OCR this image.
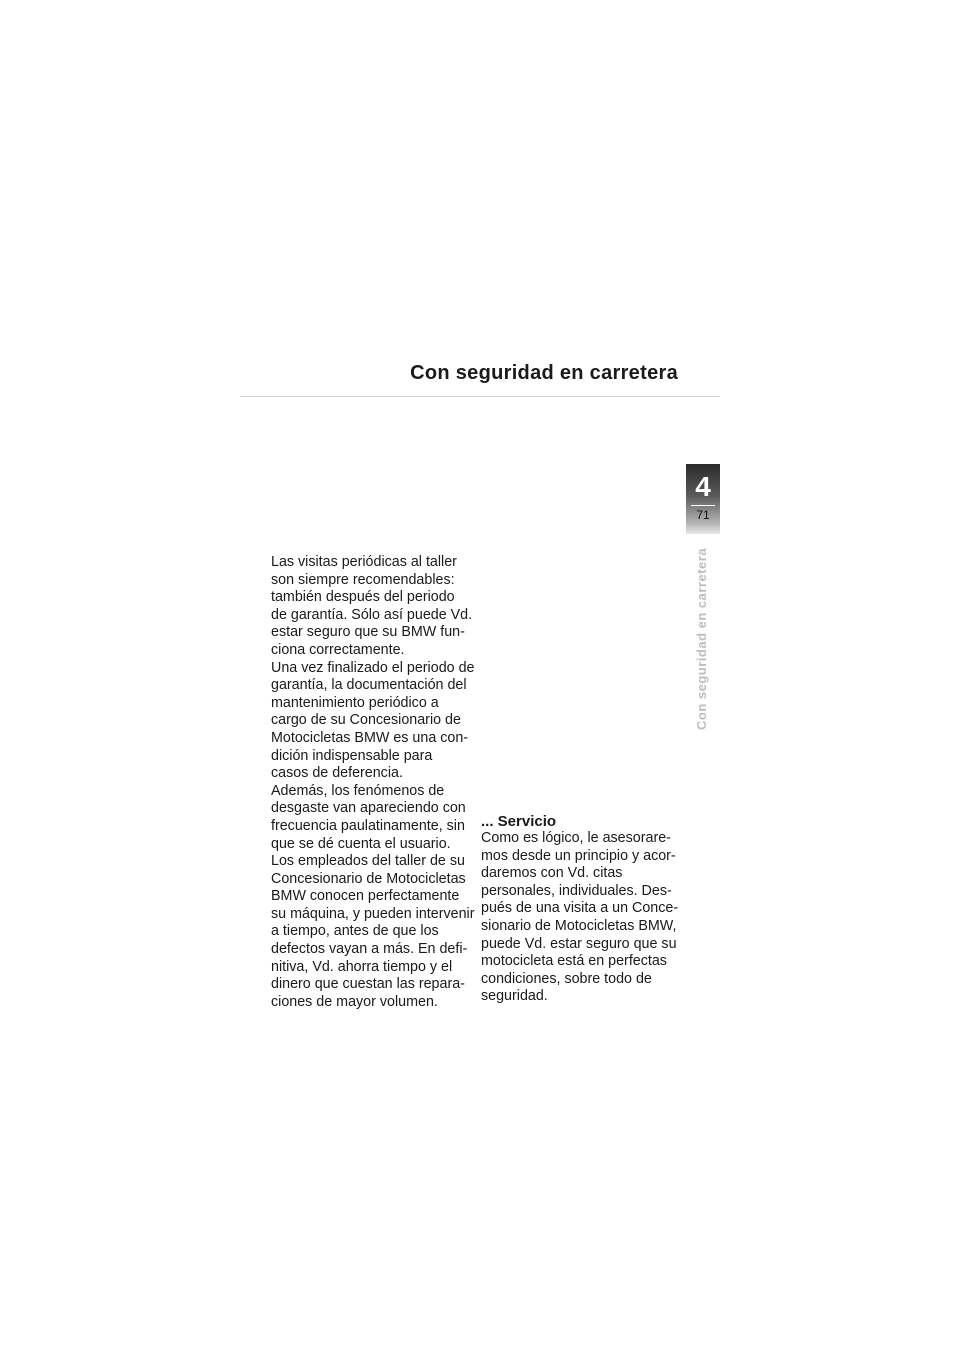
Con seguridad en carretera
4
71
Con seguridad en carretera
Las visitas periódicas al taller
son siempre recomendables:
también después del periodo
de garantía. Sólo así puede Vd.
estar seguro que su BMW fun-
ciona correctamente.
Una vez finalizado el periodo de
garantía, la documentación del
mantenimiento periódico a
cargo de su Concesionario de
Motocicletas BMW es una con-
dición indispensable para
casos de deferencia.
Además, los fenómenos de
desgaste van apareciendo con
frecuencia paulatinamente, sin
que se dé cuenta el usuario.
Los empleados del taller de su
Concesionario de Motocicletas
BMW conocen perfectamente
su máquina, y pueden intervenir
a tiempo, antes de que los
defectos vayan a más. En defi-
nitiva, Vd. ahorra tiempo y el
dinero que cuestan las repara-
ciones de mayor volumen.
... Servicio
Como es lógico, le asesorare-
mos desde un principio y acor-
daremos con Vd. citas
personales, individuales. Des-
pués de una visita a un Conce-
sionario de Motocicletas BMW,
puede Vd. estar seguro que su
motocicleta está en perfectas
condiciones, sobre todo de
seguridad.
